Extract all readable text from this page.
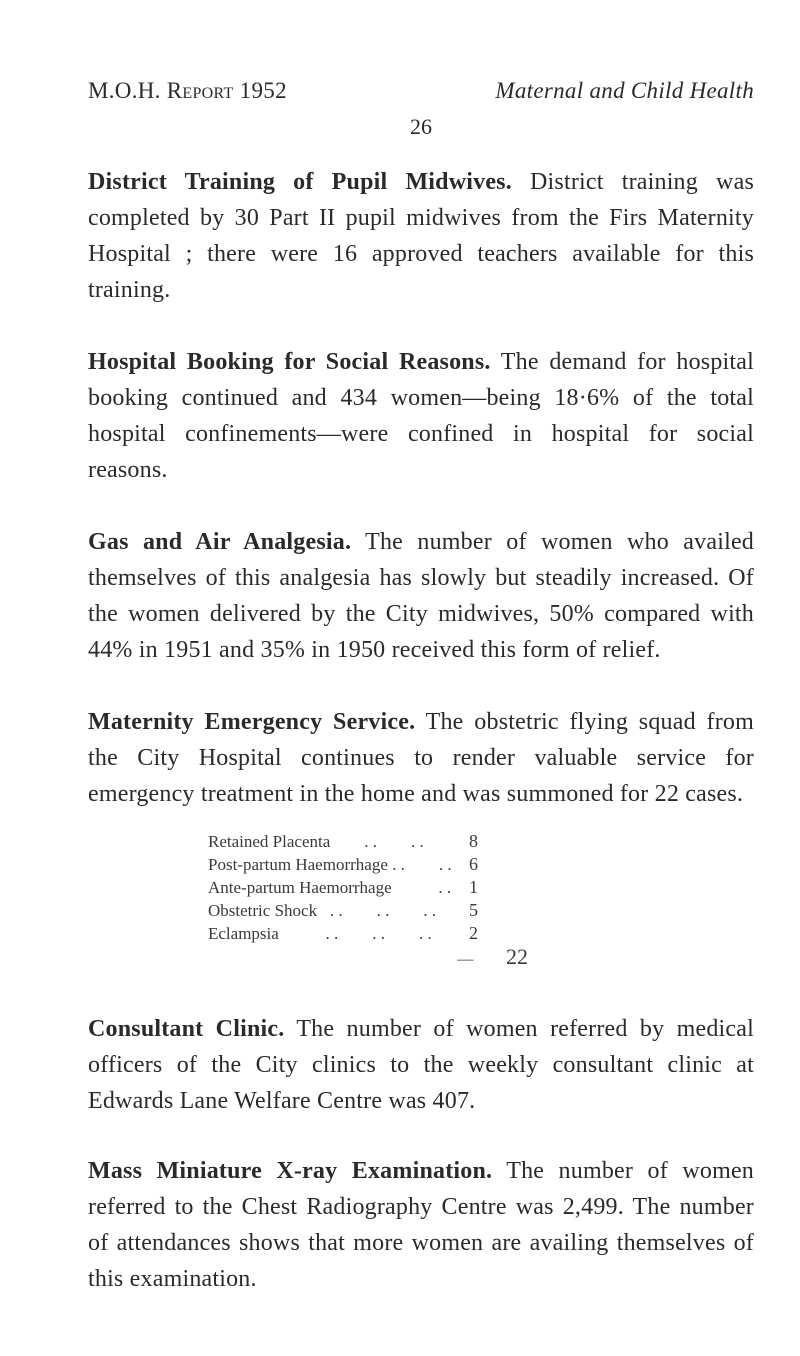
M.O.H. Report 1952	Maternal and Child Health
26

District Training of Pupil Midwives. District training was completed by 30 Part II pupil midwives from the Firs Maternity Hospital ; there were 16 approved teachers available for this training.

Hospital Booking for Social Reasons. The demand for hospital booking continued and 434 women—being 18·6% of the total hospital confinements—were confined in hospital for social reasons.

Gas and Air Analgesia. The number of women who availed themselves of this analgesia has slowly but steadily increased. Of the women delivered by the City midwives, 50% compared with 44% in 1951 and 35% in 1950 received this form of relief.

Maternity Emergency Service. The obstetric flying squad from the City Hospital continues to render valuable service for emergency treatment in the home and was summoned for 22 cases.

Retained Placenta        . .        . .	8
Post-partum Haemorrhage . .        . . 6
Ante-partum Haemorrhage           . . 1
Obstetric Shock   . .        . .        . .	5
Eclampsia           . .        . .        . .	2
—	22

Consultant Clinic. The number of women referred by medical officers of the City clinics to the weekly consultant clinic at Edwards Lane Welfare Centre was 407.

Mass Miniature X-ray Examination. The number of women referred to the Chest Radiography Centre was 2,499. The number of attendances shows that more women are availing themselves of this examination.
